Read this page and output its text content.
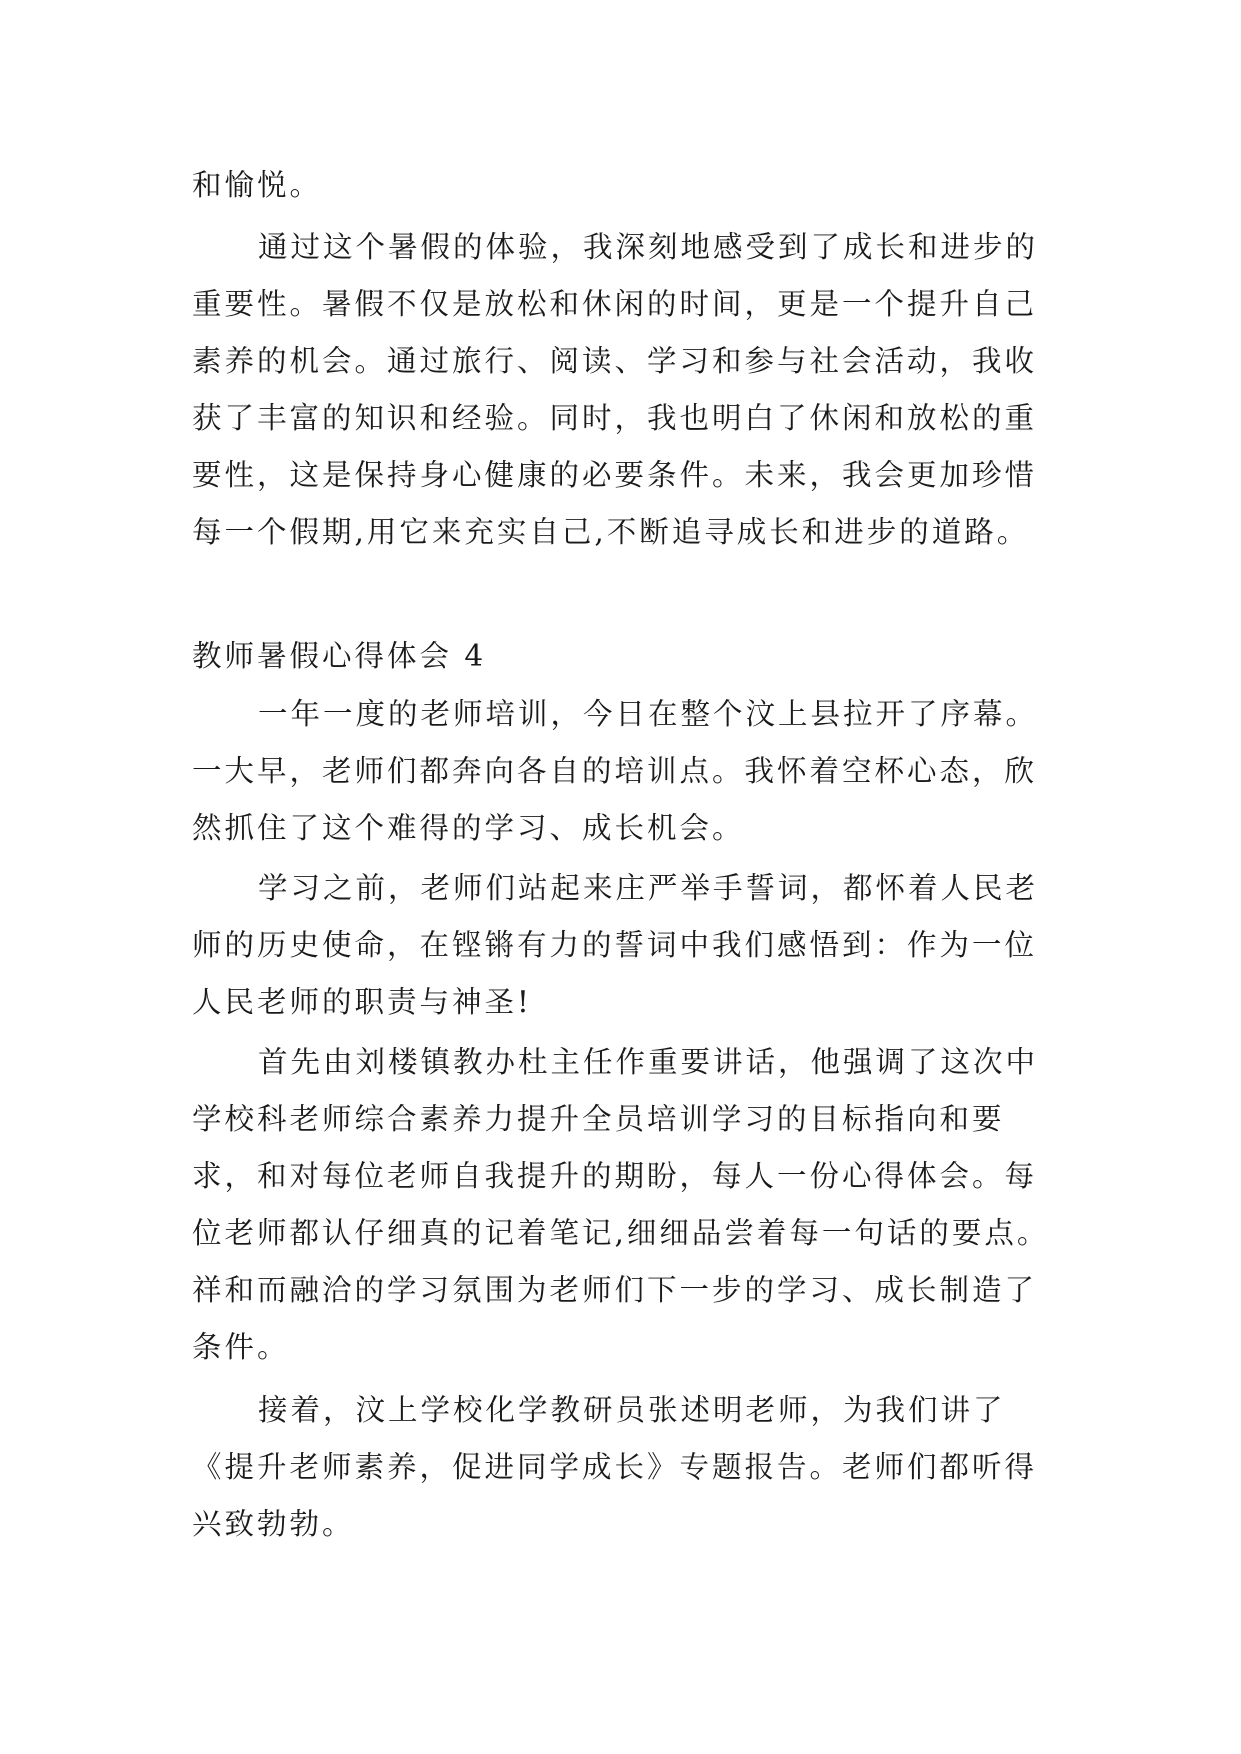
和愉悦。
通过这个暑假的体验，我深刻地感受到了成长和进步的
重要性。暑假不仅是放松和休闲的时间，更是一个提升自己
素养的机会。通过旅行、阅读、学习和参与社会活动，我收
获了丰富的知识和经验。同时，我也明白了休闲和放松的重
要性，这是保持身心健康的必要条件。未来，我会更加珍惜
每一个假期,用它来充实自己,不断追寻成长和进步的道路。
教师暑假心得体会 4
一年一度的老师培训，今日在整个汶上县拉开了序幕。
一大早，老师们都奔向各自的培训点。我怀着空杯心态，欣
然抓住了这个难得的学习、成长机会。
学习之前，老师们站起来庄严举手誓词，都怀着人民老
师的历史使命，在铿锵有力的誓词中我们感悟到：作为一位
人民老师的职责与神圣!
首先由刘楼镇教办杜主任作重要讲话，他强调了这次中
学校科老师综合素养力提升全员培训学习的目标指向和要
求，和对每位老师自我提升的期盼，每人一份心得体会。每
位老师都认仔细真的记着笔记,细细品尝着每一句话的要点。
祥和而融洽的学习氛围为老师们下一步的学习、成长制造了
条件。
接着，汶上学校化学教研员张述明老师，为我们讲了
《提升老师素养，促进同学成长》专题报告。老师们都听得
兴致勃勃。
